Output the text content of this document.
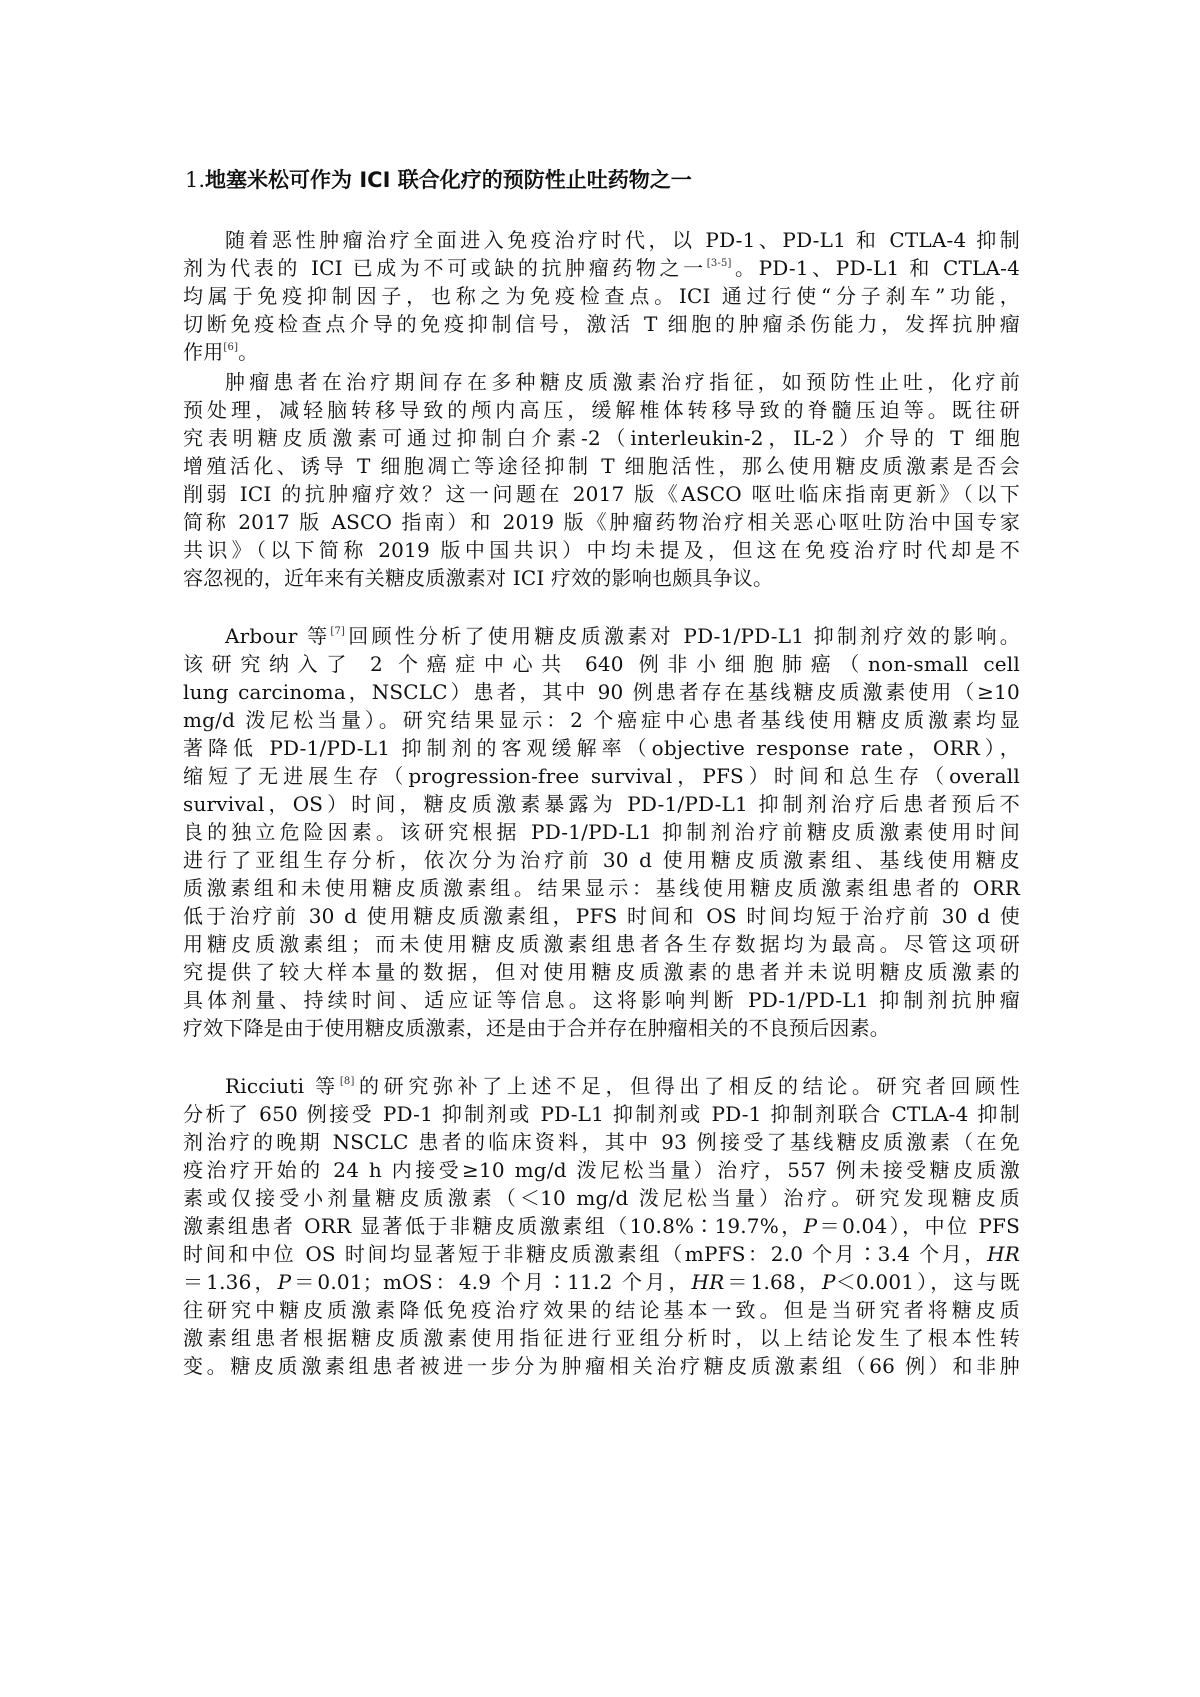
1.地塞米松可作为 ICI 联合化疗的预防性止吐药物之一

随着恶性肿瘤治疗全面进入免疫治疗时代，以 PD-1、PD-L1 和 CTLA-4 抑制

剂为代表的 ICI 已成为不可或缺的抗肿瘤药物之一[3-5]。PD-1、PD-L1 和 CTLA-4

均属于免疫抑制因子，也称之为免疫检查点。ICI 通过行使“分子刹车”功能，

切断免疫检查点介导的免疫抑制信号，激活 T 细胞的肿瘤杀伤能力，发挥抗肿瘤

作用[6]。

肿瘤患者在治疗期间存在多种糖皮质激素治疗指征，如预防性止吐，化疗前

预处理，减轻脑转移导致的颅内高压，缓解椎体转移导致的脊髓压迫等。既往研

究表明糖皮质激素可通过抑制白介素-2（interleukin-2，IL-2）介导的 T 细胞

增殖活化、诱导 T 细胞凋亡等途径抑制 T 细胞活性，那么使用糖皮质激素是否会

削弱 ICI 的抗肿瘤疗效？这一问题在 2017 版《ASCO 呕吐临床指南更新》（以下

简称 2017 版 ASCO 指南）和 2019 版《肿瘤药物治疗相关恶心呕吐防治中国专家

共识》（以下简称 2019 版中国共识）中均未提及，但这在免疫治疗时代却是不

容忽视的，近年来有关糖皮质激素对 ICI 疗效的影响也颇具争议。

Arbour 等[7]回顾性分析了使用糖皮质激素对 PD-1/PD-L1 抑制剂疗效的影响。

该研究纳入了 2 个癌症中心共 640 例非小细胞肺癌（non-small cell

lung carcinoma，NSCLC）患者，其中 90 例患者存在基线糖皮质激素使用（≥10

mg/d 泼尼松当量）。研究结果显示：2 个癌症中心患者基线使用糖皮质激素均显

著降低 PD-1/PD-L1 抑制剂的客观缓解率（objective response rate，ORR），

缩短了无进展生存（progression-free survival，PFS）时间和总生存（overall

survival，OS）时间，糖皮质激素暴露为 PD-1/PD-L1 抑制剂治疗后患者预后不

良的独立危险因素。该研究根据 PD-1/PD-L1 抑制剂治疗前糖皮质激素使用时间

进行了亚组生存分析，依次分为治疗前 30 d 使用糖皮质激素组、基线使用糖皮

质激素组和未使用糖皮质激素组。结果显示：基线使用糖皮质激素组患者的 ORR

低于治疗前 30 d 使用糖皮质激素组，PFS 时间和 OS 时间均短于治疗前 30 d 使

用糖皮质激素组；而未使用糖皮质激素组患者各生存数据均为最高。尽管这项研

究提供了较大样本量的数据，但对使用糖皮质激素的患者并未说明糖皮质激素的

具体剂量、持续时间、适应证等信息。这将影响判断 PD-1/PD-L1 抑制剂抗肿瘤

疗效下降是由于使用糖皮质激素，还是由于合并存在肿瘤相关的不良预后因素。

Ricciuti 等[8]的研究弥补了上述不足，但得出了相反的结论。研究者回顾性

分析了 650 例接受 PD-1 抑制剂或 PD-L1 抑制剂或 PD-1 抑制剂联合 CTLA-4 抑制

剂治疗的晚期 NSCLC 患者的临床资料，其中 93 例接受了基线糖皮质激素（在免

疫治疗开始的 24 h 内接受≥10 mg/d 泼尼松当量）治疗，557 例未接受糖皮质激

素或仅接受小剂量糖皮质激素（＜10 mg/d 泼尼松当量）治疗。研究发现糖皮质

激素组患者 ORR 显著低于非糖皮质激素组（10.8%∶19.7%，P＝0.04），中位 PFS

时间和中位 OS 时间均显著短于非糖皮质激素组（mPFS：2.0 个月∶3.4 个月，HR

＝1.36，P＝0.01；mOS：4.9 个月∶11.2 个月，HR＝1.68，P＜0.001），这与既

往研究中糖皮质激素降低免疫治疗效果的结论基本一致。但是当研究者将糖皮质

激素组患者根据糖皮质激素使用指征进行亚组分析时，以上结论发生了根本性转

变。糖皮质激素组患者被进一步分为肿瘤相关治疗糖皮质激素组（66 例）和非肿
